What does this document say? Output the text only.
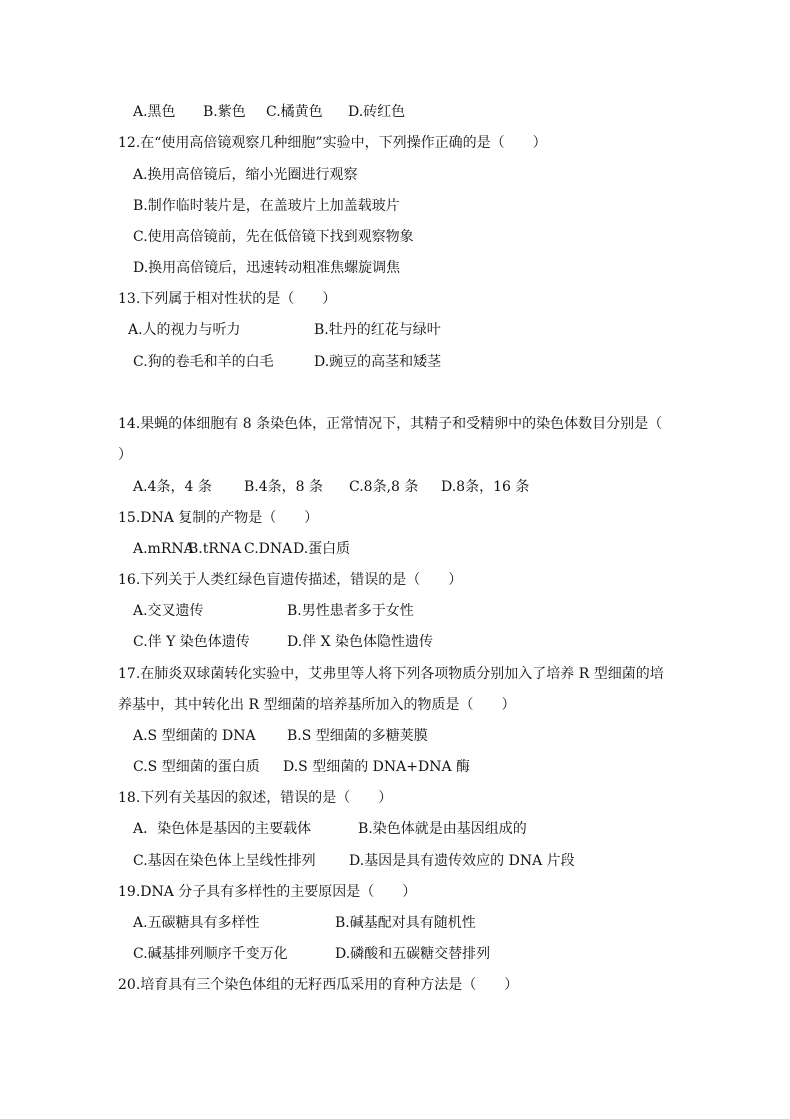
A.黑色 B.紫色 C.橘黄色 D.砖红色
12.在“使用高倍镜观察几种细胞”实验中，下列操作正确的是（　　）
A.换用高倍镜后，缩小光圈进行观察
B.制作临时装片是，在盖玻片上加盖载玻片
C.使用高倍镜前，先在低倍镜下找到观察物象
D.换用高倍镜后，迅速转动粗准焦螺旋调焦
13.下列属于相对性状的是（　　）
A.人的视力与听力	B.牡丹的红花与绿叶
C.狗的卷毛和羊的白毛	D.豌豆的高茎和矮茎
14.果蝇的体细胞有 8 条染色体，正常情况下，其精子和受精卵中的染色体数目分别是（
）
A.4条，4 条 B.4条，8 条 C.8条,8 条 D.8条，16 条
15.DNA 复制的产物是（　　）
A.mRNA
B.tRNA C.DNA D.蛋白质
16.下列关于人类红绿色盲遗传描述，错误的是（　　）
A.交叉遗传	B.男性患者多于女性
C.伴 Y 染色体遗传	D.伴 X 染色体隐性遗传
17.在肺炎双球菌转化实验中，艾弗里等人将下列各项物质分别加入了培养 R 型细菌的培
养基中，其中转化出 R 型细菌的培养基所加入的物质是（　　）
A.S 型细菌的 DNA B.S 型细菌的多糖荚膜
C.S 型细菌的蛋白质 D.S 型细菌的 DNA+DNA 酶
18.下列有关基因的叙述，错误的是（　　）
A．染色体是基因的主要载体	B.染色体就是由基因组成的
C.基因在染色体上呈线性排列 D.基因是具有遗传效应的 DNA 片段
19.DNA 分子具有多样性的主要原因是（　　）
A.五碳糖具有多样性	B.碱基配对具有随机性
C.碱基排列顺序千变万化	D.磷酸和五碳糖交替排列
20.培育具有三个染色体组的无籽西瓜采用的育种方法是（　　）
